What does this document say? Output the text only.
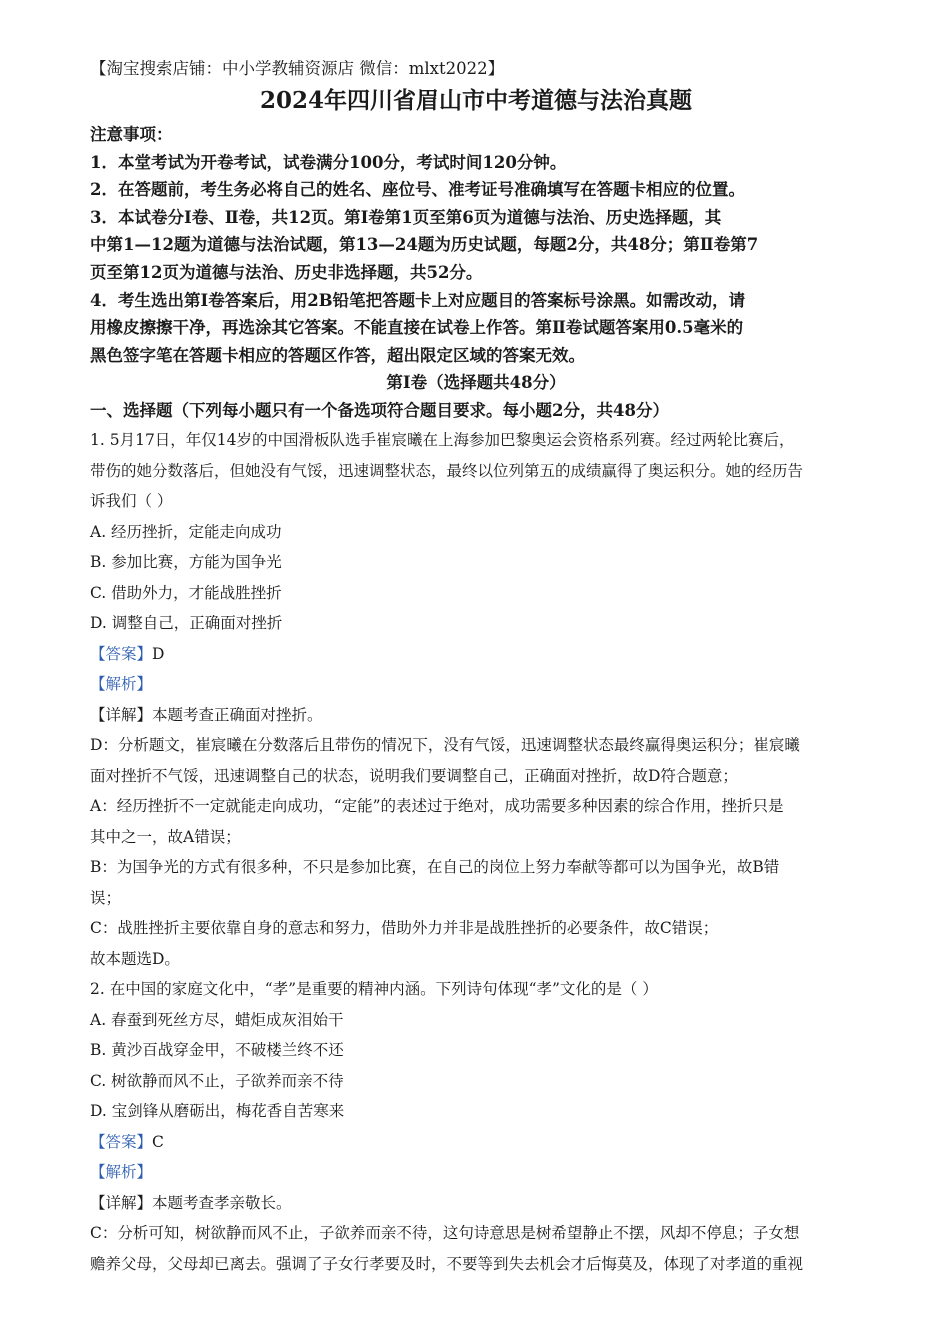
【淘宝搜索店铺：中小学教辅资源店 微信：mlxt2022】
2024年四川省眉山市中考道德与法治真题
注意事项：
1．本堂考试为开卷考试，试卷满分100分，考试时间120分钟。
2．在答题前，考生务必将自己的姓名、座位号、准考证号准确填写在答题卡相应的位置。
3．本试卷分Ⅰ卷、Ⅱ卷，共12页。第Ⅰ卷第1页至第6页为道德与法治、历史选择题，其
中第1—12题为道德与法治试题，第13—24题为历史试题，每题2分，共48分；第Ⅱ卷第7
页至第12页为道德与法治、历史非选择题，共52分。
4．考生选出第Ⅰ卷答案后，用2B铅笔把答题卡上对应题目的答案标号涂黑。如需改动，请
用橡皮擦擦干净，再选涂其它答案。不能直接在试卷上作答。第Ⅱ卷试题答案用0.5毫米的
黑色签字笔在答题卡相应的答题区作答，超出限定区域的答案无效。
第Ⅰ卷（选择题共48分）
一、选择题（下列每小题只有一个备选项符合题目要求。每小题2分，共48分）
1. 5月17日，年仅14岁的中国滑板队选手崔宸曦在上海参加巴黎奥运会资格系列赛。经过两轮比赛后，
带伤的她分数落后，但她没有气馁，迅速调整状态，最终以位列第五的成绩赢得了奥运积分。她的经历告
诉我们（ ）
A. 经历挫折，定能走向成功
B. 参加比赛，方能为国争光
C. 借助外力，才能战胜挫折
D. 调整自己，正确面对挫折
【答案】D
【解析】
【详解】本题考查正确面对挫折。
D：分析题文，崔宸曦在分数落后且带伤的情况下，没有气馁，迅速调整状态最终赢得奥运积分；崔宸曦
面对挫折不气馁，迅速调整自己的状态，说明我们要调整自己，正确面对挫折，故D符合题意；
A：经历挫折不一定就能走向成功，“定能”的表述过于绝对，成功需要多种因素的综合作用，挫折只是
其中之一，故A错误；
B：为国争光的方式有很多种，不只是参加比赛，在自己的岗位上努力奉献等都可以为国争光，故B错
误；
C：战胜挫折主要依靠自身的意志和努力，借助外力并非是战胜挫折的必要条件，故C错误；
故本题选D。
2. 在中国的家庭文化中，“孝”是重要的精神内涵。下列诗句体现“孝”文化的是（ ）
A. 春蚕到死丝方尽，蜡炬成灰泪始干
B. 黄沙百战穿金甲，不破楼兰终不还
C. 树欲静而风不止，子欲养而亲不待
D. 宝剑锋从磨砺出，梅花香自苦寒来
【答案】C
【解析】
【详解】本题考查孝亲敬长。
C：分析可知，树欲静而风不止，子欲养而亲不待，这句诗意思是树希望静止不摆，风却不停息；子女想
赡养父母，父母却已离去。强调了子女行孝要及时，不要等到失去机会才后悔莫及，体现了对孝道的重视
